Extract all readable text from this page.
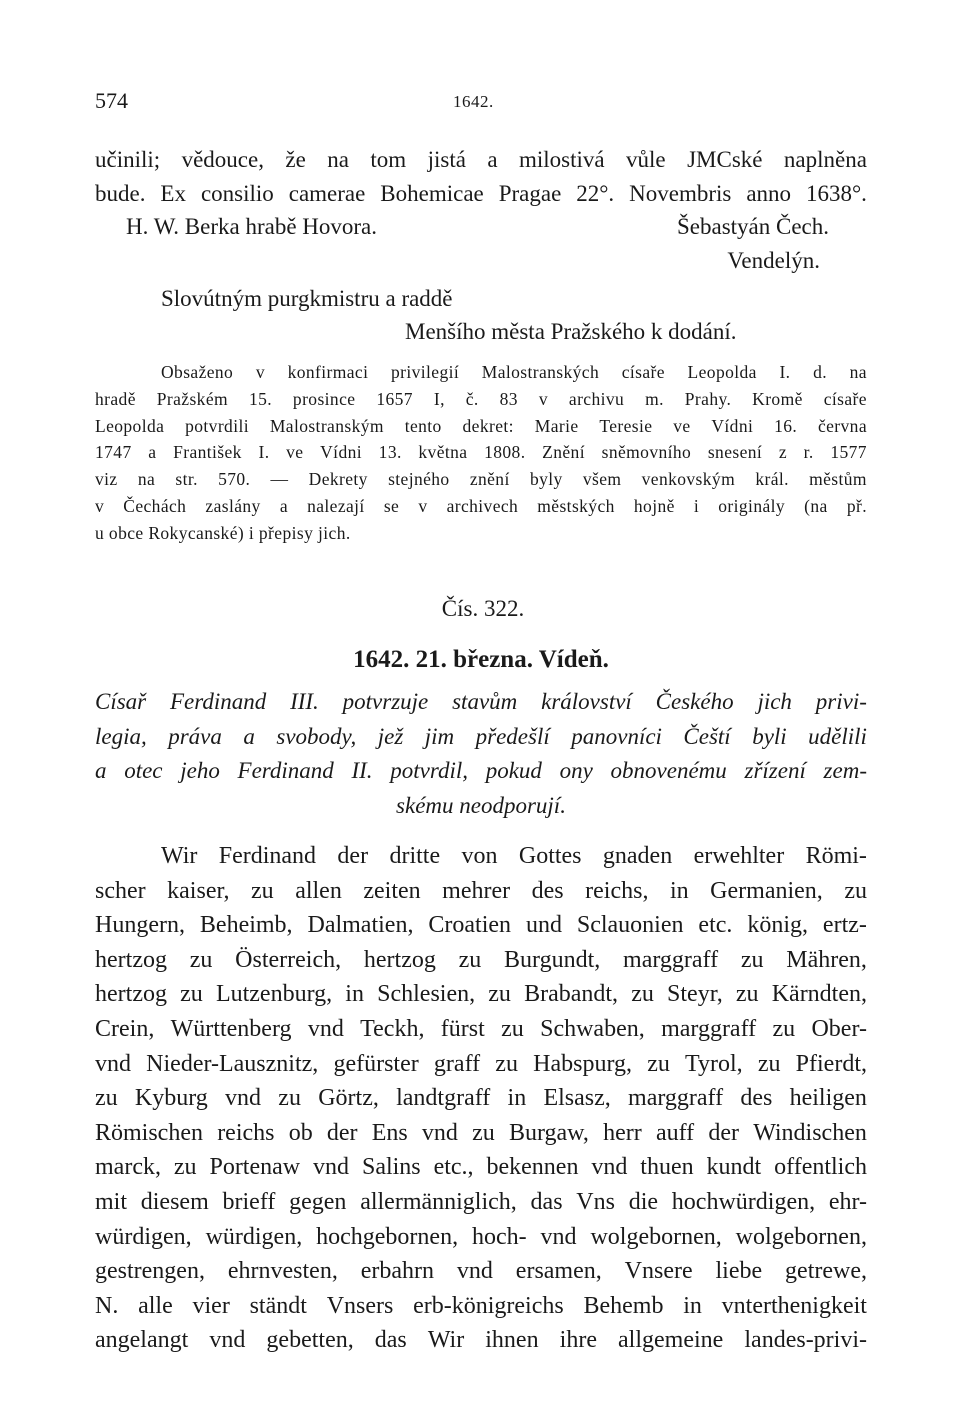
574	1642.
učinili; vědouce, že na tom jistá a milostivá vůle JMCské naplněna
bude. Ex consilio camerae Bohemicae Pragae 22°. Novembris anno 1638°.
H. W. Berka hrabě Hovora.	Šebastyán Čech.
Vendelýn.
Slovútným purgkmistru a raddě
Menšího města Pražského k dodání.
Obsaženo v konfirmaci privilegií Malostranských císaře Leopolda I. d. na
hradě Pražském 15. prosince 1657 I, č. 83 v archivu m. Prahy. Kromě císaře
Leopolda potvrdili Malostranským tento dekret: Marie Teresie ve Vídni 16. června
1747 a František I. ve Vídni 13. května 1808. Znění sněmovního snesení z r. 1577
viz na str. 570. — Dekrety stejného znění byly všem venkovským král. městům
v Čechách zaslány a nalezají se v archivech městských hojně i originály (na př.
u obce Rokycanské) i přepisy jich.
Čís. 322.
1642. 21. března. Vídeň.
Císař Ferdinand III. potvrzuje stavům království Českého jich privi-
legia, práva a svobody, jež jim předešlí panovníci Čeští byli udělili
a otec jeho Ferdinand II. potvrdil, pokud ony obnovenému zřízení zem-
skému neodporují.
Wir Ferdinand der dritte von Gottes gnaden erwehlter Römi-
scher kaiser, zu allen zeiten mehrer des reichs, in Germanien, zu
Hungern, Beheimb, Dalmatien, Croatien und Sclauonien etc. könig, ertz-
hertzog zu Österreich, hertzog zu Burgundt, marggraff zu Mähren,
hertzog zu Lutzenburg, in Schlesien, zu Brabandt, zu Steyr, zu Kärndten,
Crein, Württenberg vnd Teckh, fürst zu Schwaben, marggraff zu Ober-
vnd Nieder-Lausznitz, gefürster graff zu Habspurg, zu Tyrol, zu Pfierdt,
zu Kyburg vnd zu Görtz, landtgraff in Elsasz, marggraff des heiligen
Römischen reichs ob der Ens vnd zu Burgaw, herr auff der Windischen
marck, zu Portenaw vnd Salins etc., bekennen vnd thuen kundt offentlich
mit diesem brieff gegen allermänniglich, das Vns die hochwürdigen, ehr-
würdigen, würdigen, hochgebornen, hoch- vnd wolgebornen, wolgebornen,
gestrengen, ehrnvesten, erbahrn vnd ersamen, Vnsere liebe getrewe,
N. alle vier ständt Vnsers erb-königreichs Behemb in vnterthenigkeit
angelangt vnd gebetten, das Wir ihnen ihre allgemeine landes-privi-
